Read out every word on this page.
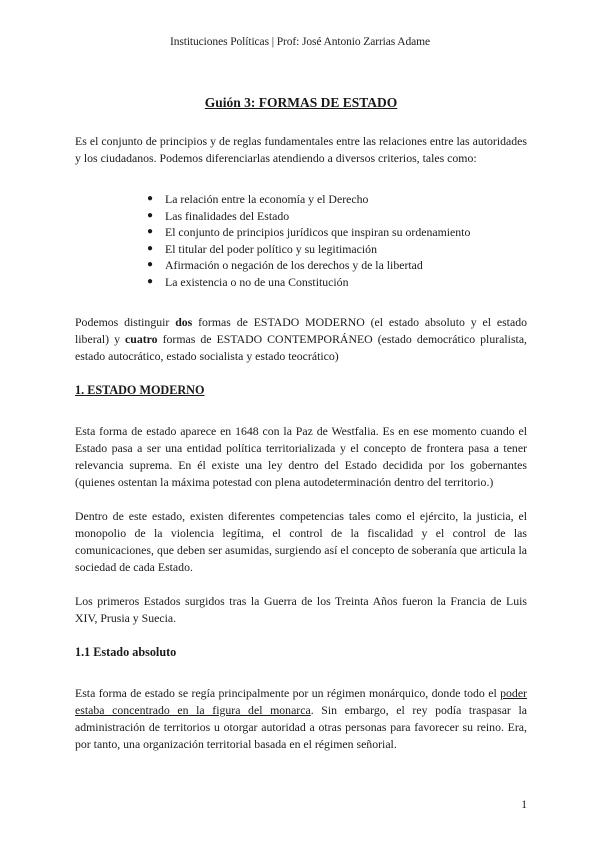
Instituciones Políticas | Prof: José Antonio Zarrias Adame
Guión 3: FORMAS DE ESTADO

Es el conjunto de principios y de reglas fundamentales entre las relaciones entre las autoridades y los ciudadanos. Podemos diferenciarlas atendiendo a diversos criterios, tales como:

● La relación entre la economía y el Derecho
● Las finalidades del Estado
● El conjunto de principios jurídicos que inspiran su ordenamiento
● El titular del poder político y su legitimación
● Afirmación o negación de los derechos y de la libertad
● La existencia o no de una Constitución

Podemos distinguir dos formas de ESTADO MODERNO (el estado absoluto y el estado liberal) y cuatro formas de ESTADO CONTEMPORÁNEO (estado democrático pluralista, estado autocrático, estado socialista y estado teocrático)

1. ESTADO MODERNO

Esta forma de estado aparece en 1648 con la Paz de Westfalia. Es en ese momento cuando el Estado pasa a ser una entidad política territorializada y el concepto de frontera pasa a tener relevancia suprema. En él existe una ley dentro del Estado decidida por los gobernantes (quienes ostentan la máxima potestad con plena autodeterminación dentro del territorio.)

Dentro de este estado, existen diferentes competencias tales como el ejército, la justicia, el monopolio de la violencia legítima, el control de la fiscalidad y el control de las comunicaciones, que deben ser asumidas, surgiendo así el concepto de soberanía que articula la sociedad de cada Estado.

Los primeros Estados surgidos tras la Guerra de los Treinta Años fueron la Francia de Luis XIV, Prusia y Suecia.

1.1 Estado absoluto

Esta forma de estado se regía principalmente por un régimen monárquico, donde todo el poder estaba concentrado en la figura del monarca. Sin embargo, el rey podía traspasar la administración de territorios u otorgar autoridad a otras personas para favorecer su reino. Era, por tanto, una organización territorial basada en el régimen señorial.

1
